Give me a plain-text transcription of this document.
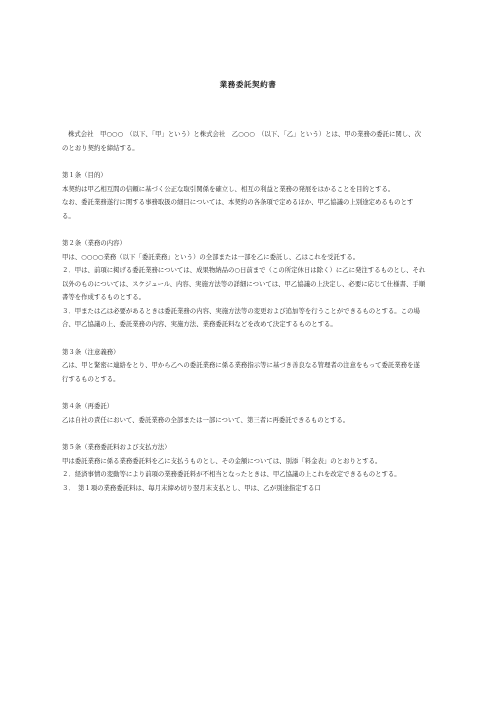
業務委託契約書

株式会社　甲○○○　（以下、「甲」という）と株式会社　乙○○○　（以下、「乙」という）とは、甲の業務の委託に関し、次のとおり契約を締結する。

第１条（目的）

本契約は甲乙相互間の信頼に基づく公正な取引関係を確立し、相互の利益と業務の発展をはかることを目的とする。

なお、委託業務遂行に関する事務取扱の細目については、本契約の各条項で定めるほか、甲乙協議の上別途定めるものとする。

第２条（業務の内容）

甲は、○○○○業務（以下「委託業務」という）の全部または一部を乙に委託し、乙はこれを受託する。

２．甲は、前項に掲げる委託業務については、成果物納品の○日前まで（この所定休日は除く）に乙に発注するものとし、それ以外のものについては、スケジュール、内容、実施方法等の詳細については、甲乙協議の上決定し、必要に応じて仕様書、手順書等を作成するものとする。

３．甲または乙は必要があるときは委託業務の内容、実施方法等の変更および追加等を行うことができるものとする。この場合、甲乙協議の上、委託業務の内容、実施方法、業務委託料などを改めて決定するものとする。

第３条（注意義務）

乙は、甲と緊密に連絡をとり、甲から乙への委託業務に係る業務指示等に基づき善良なる管理者の注意をもって委託業務を遂行するものとする。

第４条（再委託）

乙は自社の責任において、委託業務の全部または一部について、第三者に再委託できるものとする。

第５条（業務委託料および支払方法）

甲は委託業務に係る業務委託料を乙に支払うものとし、その金額については、別添「料金表」のとおりとする。

２．経済事情の変動等により前項の業務委託料が不相当となったときは、甲乙協議の上これを改定できるものとする。

３．　第１項の業務委託料は、毎月末締め切り翌月末支払とし、甲は、乙が別途指定する口
